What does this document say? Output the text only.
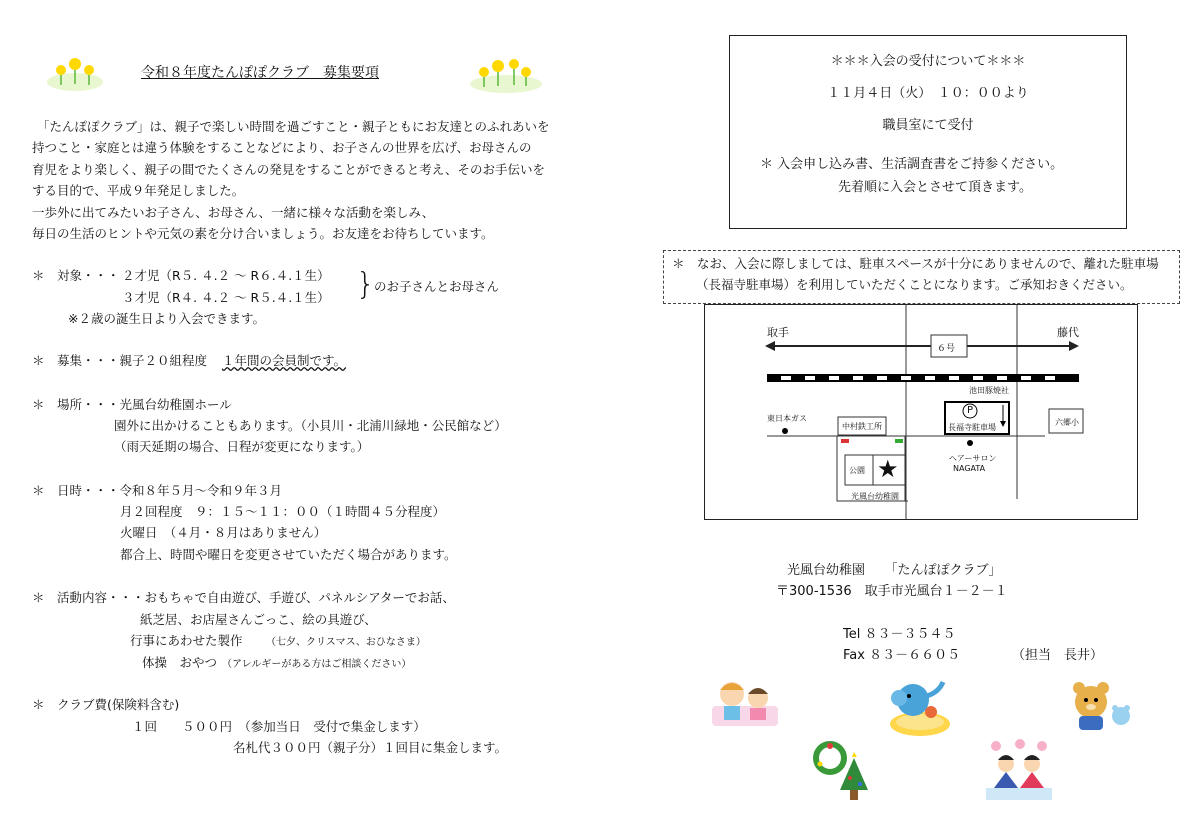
令和８年度たんぽぽクラブ　募集要項
「たんぽぽクラブ」は、親子で楽しい時間を過ごすこと・親子ともにお友達とのふれあいを
持つこと・家庭とは違う体験をすることなどにより、お子さんの世界を広げ、お母さんの
育児をより楽しく、親子の間でたくさんの発見をすることができると考え、そのお手伝いを
する目的で、平成９年発足しました。
一歩外に出てみたいお子さん、お母さん、一緒に様々な活動を楽しみ、
毎日の生活のヒントや元気の素を分け合いましょう。お友達をお待ちしています。
＊　対象・・・ ２才児（R５. ４.２ ～ R６.４.１生）
３才児（R４. ４.２ ～ R５.４.１生） }
のお子さんとお母さん
※２歳の誕生日より入会できます。
＊　募集・・・親子２０組程度 １年間の会員制です。
＊　場所・・・光風台幼稚園ホール
園外に出かけることもあります。（小貝川・北浦川緑地・公民館など）
（雨天延期の場合、日程が変更になります。）
＊　日時・・・令和８年５月～令和９年３月
月２回程度　９：１５～１１：００（１時間４５分程度）
火曜日　（４月・８月はありません）
都合上、時間や曜日を変更させていただく場合があります。
＊　活動内容・・・おもちゃで自由遊び、手遊び、パネルシアターでお話、
紙芝居、お店屋さんごっこ、絵の具遊び、
行事にあわせた製作 （七夕、クリスマス、おひなさま）
体操　おやつ （アレルギーがある方はご相談ください）
＊　クラブ費(保険料含む)
１回　　５００円　（参加当日　受付で集金します）
名札代３００円（親子分）１回目に集金します。
＊＊＊入会の受付について＊＊＊
１１月４日（火）　１０：００より
職員室にて受付
＊ 入会申し込み書、生活調査書をご持参ください。
先着順に入会とさせて頂きます。
＊　なお、入会に際しましては、駐車スペースが十分にありませんので、離れた駐車場
（長福寺駐車場）を利用していただくことになります。ご承知おきください。
取手	藤代
６号
池田豚焼社
東日本ガス
中村鉄工所
P
長福寺駐車場
六郷小
ヘアーサロン
NAGATA
公園 ★
光風台幼稚園
光風台幼稚園　　「たんぽぽクラブ」
〒300-1536　取手市光風台１－２－１
Tel ８３－３５４５
Fax ８３－６６０５	（担当　長井）
